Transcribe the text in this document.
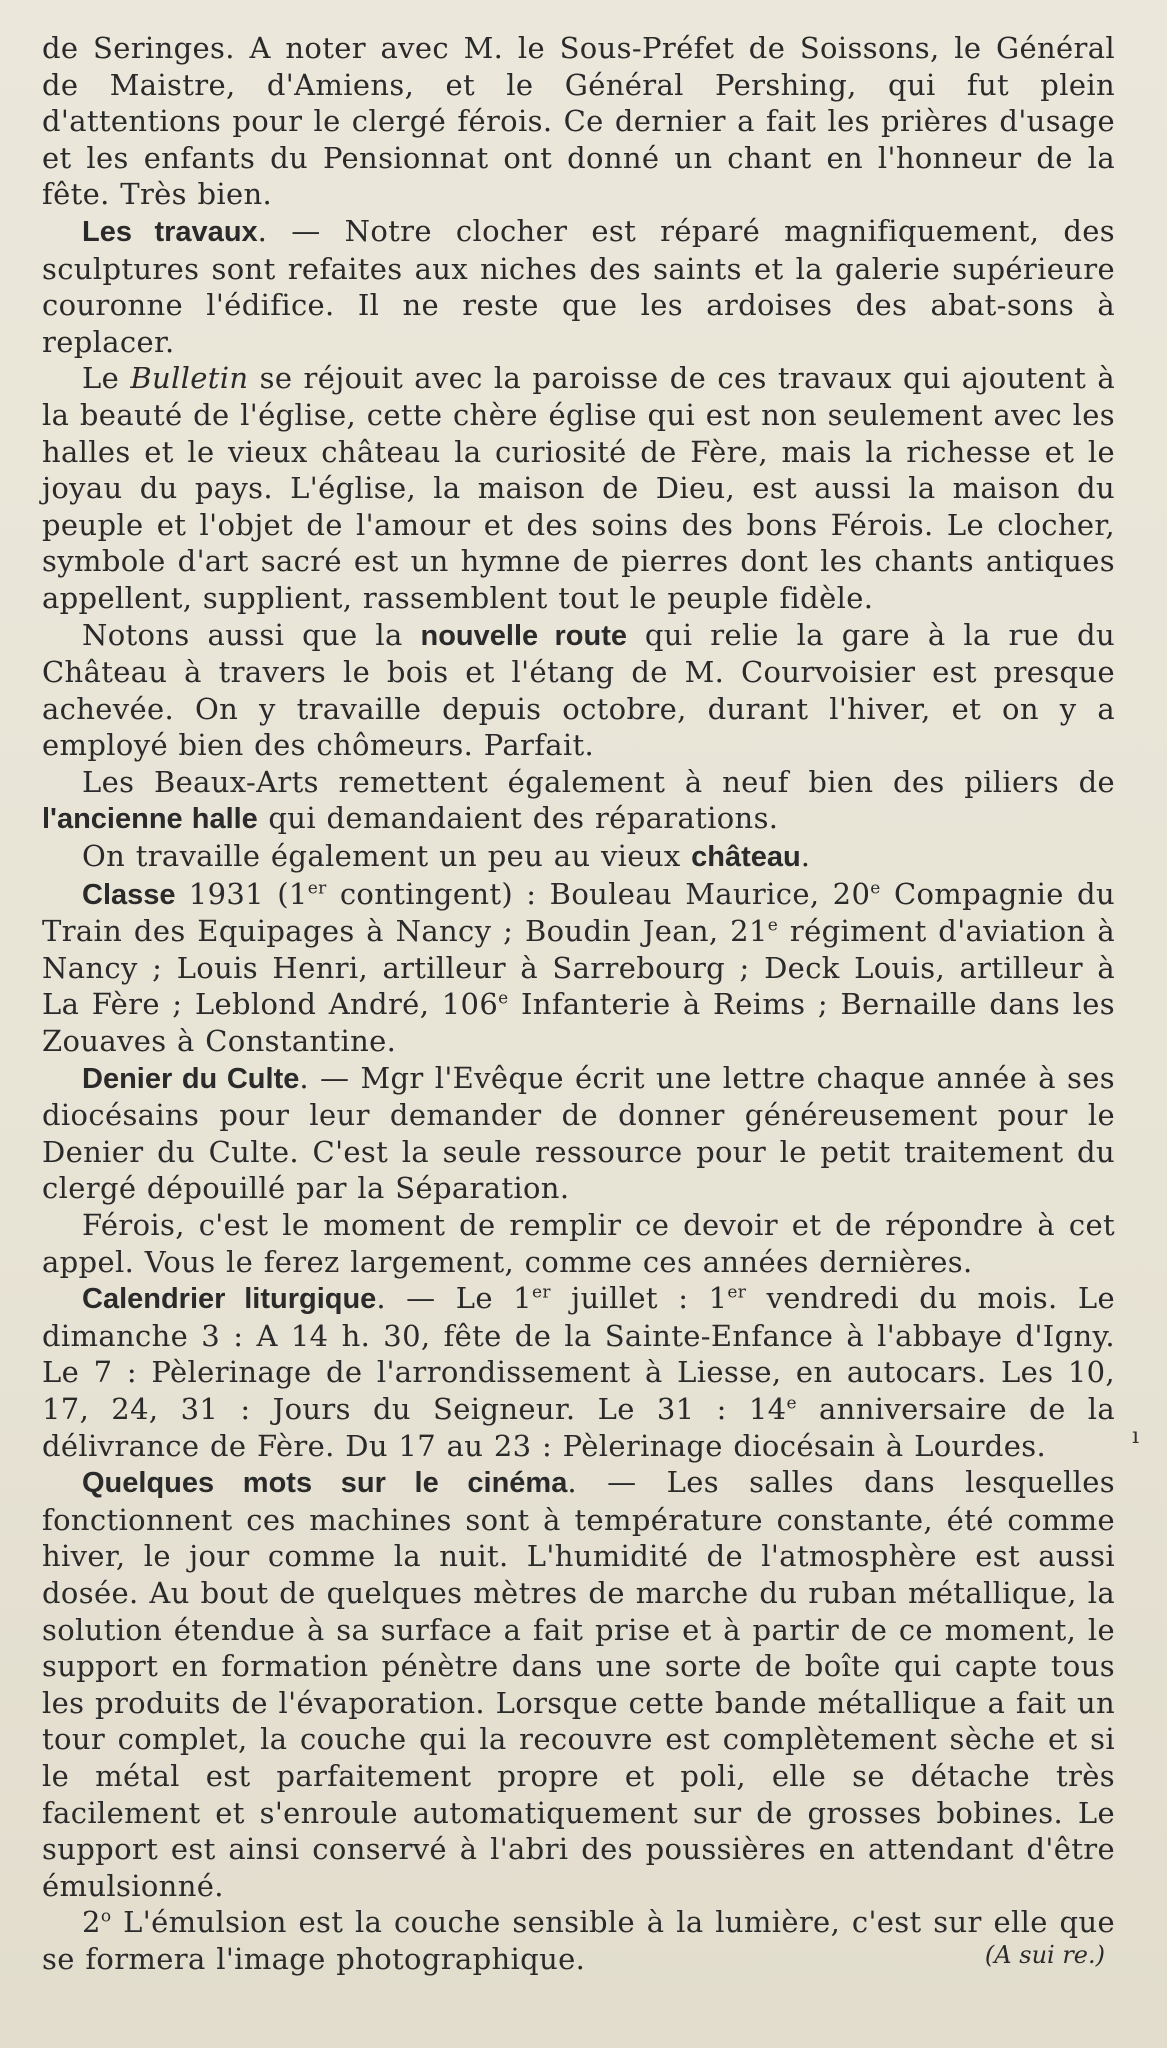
de Seringes. A noter avec M. le Sous-Préfet de Soissons, le Général de Maistre, d'Amiens, et le Général Pershing, qui fut plein d'attentions pour le clergé férois. Ce dernier a fait les prières d'usage et les enfants du Pensionnat ont donné un chant en l'honneur de la fête. Très bien.

Les travaux. — Notre clocher est réparé magnifiquement, des sculptures sont refaites aux niches des saints et la galerie supérieure couronne l'édifice. Il ne reste que les ardoises des abat-sons à replacer.

Le Bulletin se réjouit avec la paroisse de ces travaux qui ajoutent à la beauté de l'église, cette chère église qui est non seulement avec les halles et le vieux château la curiosité de Fère, mais la richesse et le joyau du pays. L'église, la maison de Dieu, est aussi la maison du peuple et l'objet de l'amour et des soins des bons Férois. Le clocher, symbole d'art sacré est un hymne de pierres dont les chants antiques appellent, supplient, rassemblent tout le peuple fidèle.

Notons aussi que la nouvelle route qui relie la gare à la rue du Château à travers le bois et l'étang de M. Courvoisier est presque achevée. On y travaille depuis octobre, durant l'hiver, et on y a employé bien des chômeurs. Parfait.

Les Beaux-Arts remettent également à neuf bien des piliers de l'ancienne halle qui demandaient des réparations.

On travaille également un peu au vieux château.

Classe 1931 (1er contingent) : Bouleau Maurice, 20e Compagnie du Train des Equipages à Nancy ; Boudin Jean, 21e régiment d'aviation à Nancy ; Louis Henri, artilleur à Sarrebourg ; Deck Louis, artilleur à La Fère ; Leblond André, 106e Infanterie à Reims ; Bernaille dans les Zouaves à Constantine.

Denier du Culte. — Mgr l'Evêque écrit une lettre chaque année à ses diocésains pour leur demander de donner généreusement pour le Denier du Culte. C'est la seule ressource pour le petit traitement du clergé dépouillé par la Séparation.

Férois, c'est le moment de remplir ce devoir et de répondre à cet appel. Vous le ferez largement, comme ces années dernières.

Calendrier liturgique. — Le 1er juillet : 1er vendredi du mois. Le dimanche 3 : A 14 h. 30, fête de la Sainte-Enfance à l'abbaye d'Igny. Le 7 : Pèlerinage de l'arrondissement à Liesse, en autocars. Les 10, 17, 24, 31 : Jours du Seigneur. Le 31 : 14e anniversaire de la délivrance de Fère. Du 17 au 23 : Pèlerinage diocésain à Lourdes.

Quelques mots sur le cinéma. — Les salles dans lesquelles fonctionnent ces machines sont à température constante, été comme hiver, le jour comme la nuit. L'humidité de l'atmosphère est aussi dosée. Au bout de quelques mètres de marche du ruban métallique, la solution étendue à sa surface a fait prise et à partir de ce moment, le support en formation pénètre dans une sorte de boîte qui capte tous les produits de l'évaporation. Lorsque cette bande métallique a fait un tour complet, la couche qui la recouvre est complètement sèche et si le métal est parfaitement propre et poli, elle se détache très facilement et s'enroule automatiquement sur de grosses bobines. Le support est ainsi conservé à l'abri des poussières en attendant d'être émulsionné.

2$^o$ L'émulsion est la couche sensible à la lumière, c'est sur elle que se formera l'image photographique.	(A sui re.)
ı
